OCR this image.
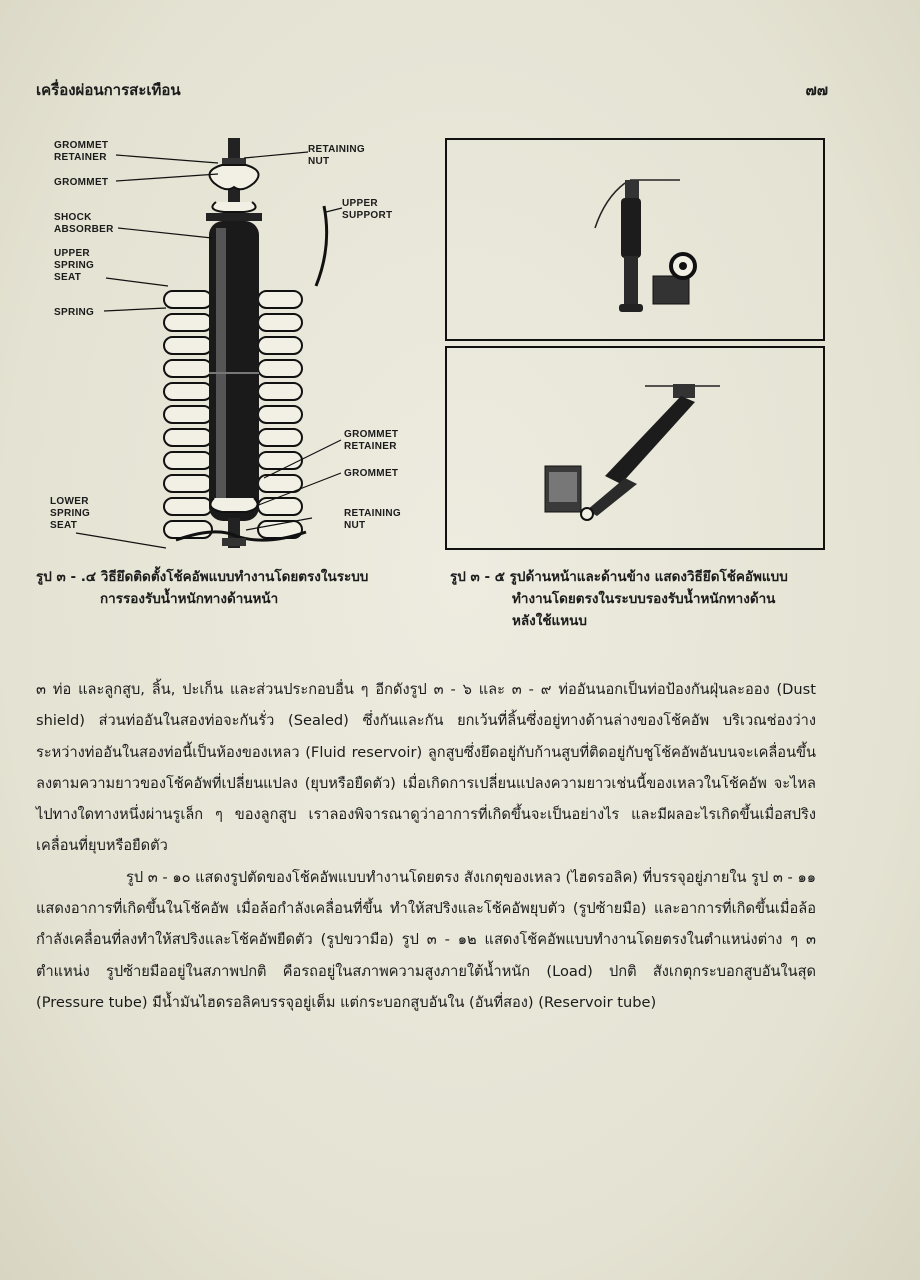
เครื่องผ่อนการสะเทือน	๗๗
GROMMET RETAINER
RETAINING NUT
GROMMET
UPPER SUPPORT
SHOCK ABSORBER
UPPER SPRING SEAT
SPRING
GROMMET RETAINER
GROMMET
RETAINING NUT
LOWER SPRING SEAT
รูป ๓ - .๔ วิธียึดติดตั้งโช้คอัพแบบทำงานโดยตรงในระบบ
การรองรับน้ำหนักทางด้านหน้า
รูป ๓ - ๕ รูปด้านหน้าและด้านข้าง แสดงวิธียึดโช้คอัพแบบ
ทำงานโดยตรงในระบบรองรับน้ำหนักทางด้าน
หลังใช้แหนบ

๓ ท่อ และลูกสูบ, ลิ้น, ปะเก็น และส่วนประกอบอื่น ๆ อีกดังรูป ๓ - ๖ และ ๓ - ๙ ท่ออันนอกเป็นท่อป้องกันฝุ่นละออง (Dust shield) ส่วนท่ออันในสองท่อจะกันรั่ว (Sealed) ซึ่งกันและกัน ยกเว้นที่ลิ้นซึ่งอยู่ทางด้านล่างของโช้คอัพ บริเวณช่องว่างระหว่างท่ออันในสองท่อนี้เป็นห้องของเหลว (Fluid reservoir) ลูกสูบซึ่งยึดอยู่กับก้านสูบที่ติดอยู่กับชูโช้คอัพอันบนจะเคลื่อนขึ้นลงตามความยาวของโช้คอัพที่เปลี่ยนแปลง (ยุบหรือยืดตัว) เมื่อเกิดการเปลี่ยนแปลงความยาวเช่นนี้ของเหลวในโช้คอัพ จะไหลไปทางใดทางหนึ่งผ่านรูเล็ก ๆ ของลูกสูบ เราลองพิจารณาดูว่าอาการที่เกิดขึ้นจะเป็นอย่างไร และมีผลอะไรเกิดขึ้นเมื่อสปริงเคลื่อนที่ยุบหรือยืดตัว

รูป ๓ - ๑๐ แสดงรูปตัดของโช้คอัพแบบทำงานโดยตรง สังเกตุของเหลว (ไฮดรอลิค) ที่บรรจุอยู่ภายใน รูป ๓ - ๑๑ แสดงอาการที่เกิดขึ้นในโช้คอัพ เมื่อล้อกำลังเคลื่อนที่ขึ้น ทำให้สปริงและโช้คอัพยุบตัว (รูปซ้ายมือ) และอาการที่เกิดขึ้นเมื่อล้อกำลังเคลื่อนที่ลงทำให้สปริงและโช้คอัพยืดตัว (รูปขวามือ) รูป ๓ - ๑๒ แสดงโช้คอัพแบบทำงานโดยตรงในตำแหน่งต่าง ๆ ๓ ตำแหน่ง รูปซ้ายมืออยู่ในสภาพปกติ คือรถอยู่ในสภาพความสูงภายใต้น้ำหนัก (Load) ปกติ สังเกตุกระบอกสูบอันในสุด (Pressure tube) มีน้ำมันไฮดรอลิคบรรจุอยู่เต็ม แต่กระบอกสูบอันใน (อันที่สอง) (Reservoir tube)
